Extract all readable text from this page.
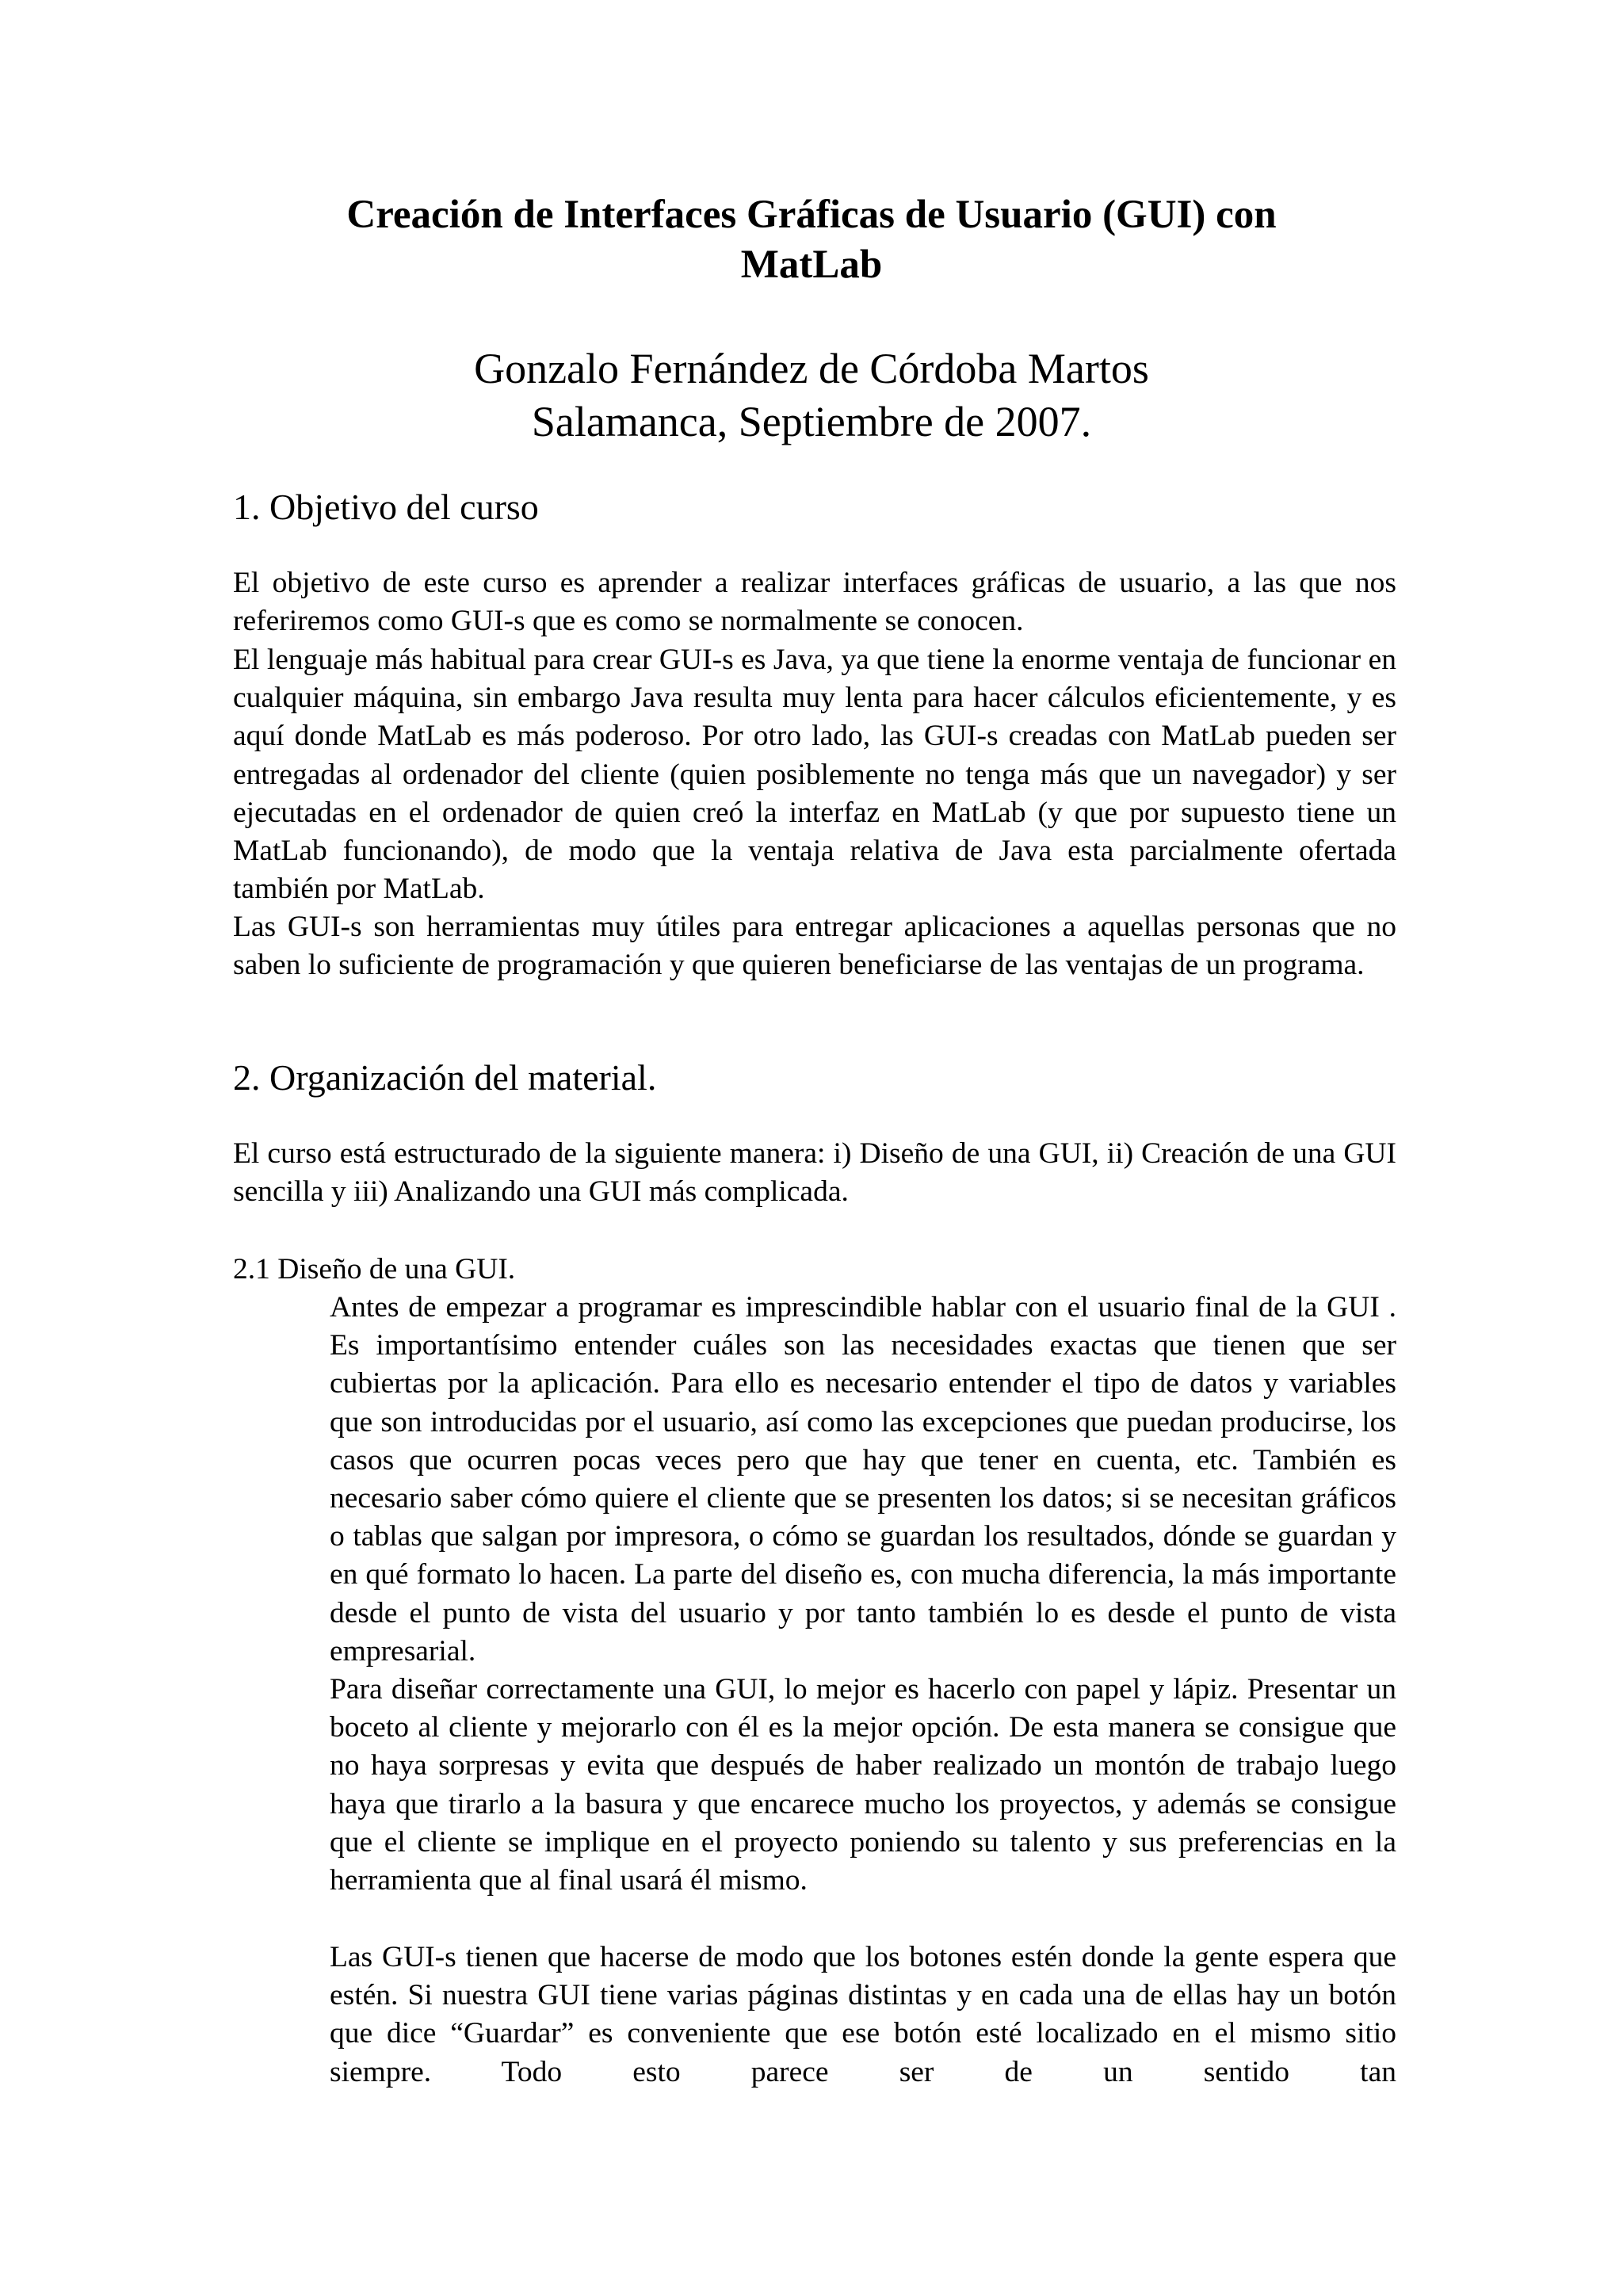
Creación de Interfaces Gráficas de Usuario (GUI) con
MatLab
Gonzalo Fernández de Córdoba Martos
Salamanca, Septiembre de 2007.
1. Objetivo del curso
El objetivo de este curso es aprender a realizar interfaces gráficas de usuario, a las que nos referiremos como GUI-s que es como se normalmente se conocen.
El lenguaje más habitual para crear GUI-s es Java, ya que tiene la enorme ventaja de funcionar en cualquier máquina, sin embargo Java resulta muy lenta para hacer cálculos eficientemente, y es aquí donde MatLab es más poderoso. Por otro lado, las GUI-s creadas con MatLab pueden ser entregadas al ordenador del cliente (quien posiblemente no tenga más que un navegador) y ser ejecutadas en el ordenador de quien creó la interfaz en MatLab (y que por supuesto tiene un MatLab funcionando), de modo que la ventaja relativa de Java esta parcialmente ofertada también por MatLab.
Las GUI-s son herramientas muy útiles para entregar aplicaciones a aquellas personas que no saben lo suficiente de programación y que quieren beneficiarse de las ventajas de un programa.
2. Organización del material.
El curso está estructurado de la siguiente manera: i) Diseño de una GUI, ii) Creación de una GUI sencilla y iii) Analizando una GUI más complicada.
2.1 Diseño de una GUI.
Antes de empezar a programar es imprescindible hablar con el usuario final de la GUI . Es importantísimo entender cuáles son las necesidades exactas que tienen que ser cubiertas por la aplicación. Para ello es necesario entender el tipo de datos y variables que son introducidas por el usuario, así como las excepciones que puedan producirse, los casos que ocurren pocas veces pero que hay que tener en cuenta, etc. También es necesario saber cómo quiere el cliente que se presenten los datos; si se necesitan gráficos o tablas que salgan por impresora, o cómo se guardan los resultados, dónde se guardan y en qué formato lo hacen. La parte del diseño es, con mucha diferencia, la más importante desde el punto de vista del usuario y por tanto también lo es desde el punto de vista empresarial.
Para diseñar correctamente una GUI, lo mejor es hacerlo con papel y lápiz. Presentar un boceto al cliente y mejorarlo con él es la mejor opción. De esta manera se consigue que no haya sorpresas y evita que después de haber realizado un montón de trabajo luego haya que tirarlo a la basura y que encarece mucho los proyectos, y además se consigue que el cliente se implique en el proyecto poniendo su talento y sus preferencias en la herramienta que al final usará él mismo.
Las GUI-s tienen que hacerse de modo que los botones estén donde la gente espera que estén. Si nuestra GUI tiene varias páginas distintas y en cada una de ellas hay un botón que dice “Guardar” es conveniente que ese botón esté localizado en el mismo sitio siempre. Todo esto parece ser de un sentido tan
